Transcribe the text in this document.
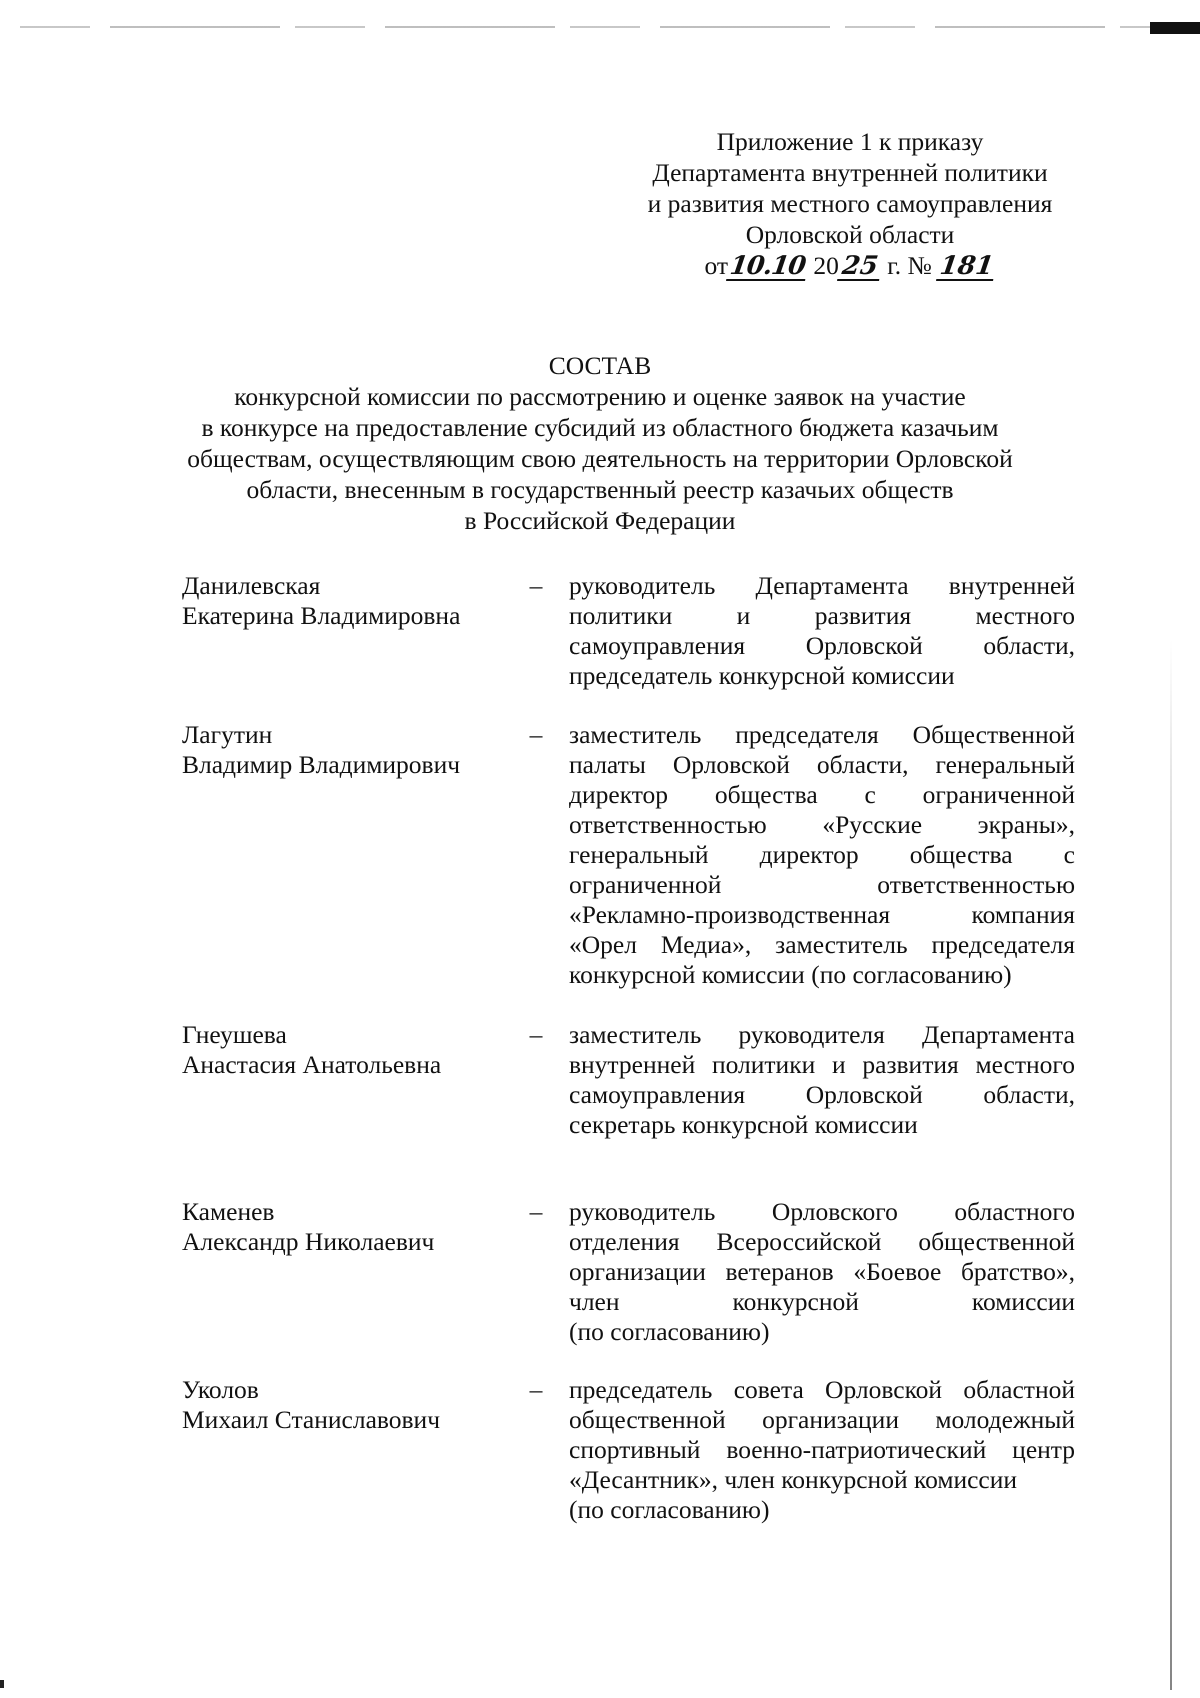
Приложение 1 к приказу
Департамента внутренней политики
и развития местного самоуправления
Орловской области
от10.10 2025 г. № 181
СОСТАВ
конкурсной комиссии по рассмотрению и оценке заявок на участие
в конкурсе на предоставление субсидий из областного бюджета казачьим
обществам, осуществляющим свою деятельность на территории Орловской
области, внесенным в государственный реестр казачьих обществ
в Российской Федерации
Данилевская
Екатерина Владимировна
– руководитель Департамента внутренней
политики и развития местного
самоуправления Орловской области,
председатель конкурсной комиссии
Лагутин
Владимир Владимирович
– заместитель председателя Общественной
палаты Орловской области, генеральный
директор общества с ограниченной
ответственностью «Русские экраны»,
генеральный директор общества с
ограниченной ответственностью
«Рекламно-производственная компания
«Орел Медиа», заместитель председателя
конкурсной комиссии (по согласованию)
Гнеушева
Анастасия Анатольевна
– заместитель руководителя Департамента
внутренней политики и развития местного
самоуправления Орловской области,
секретарь конкурсной комиссии
Каменев
Александр Николаевич
– руководитель Орловского областного
отделения Всероссийской общественной
организации ветеранов «Боевое братство»,
член конкурсной комиссии
(по согласованию)
Уколов
Михаил Станиславович
– председатель совета Орловской областной
общественной организации молодежный
спортивный военно-патриотический центр
«Десантник», член конкурсной комиссии
(по согласованию)
